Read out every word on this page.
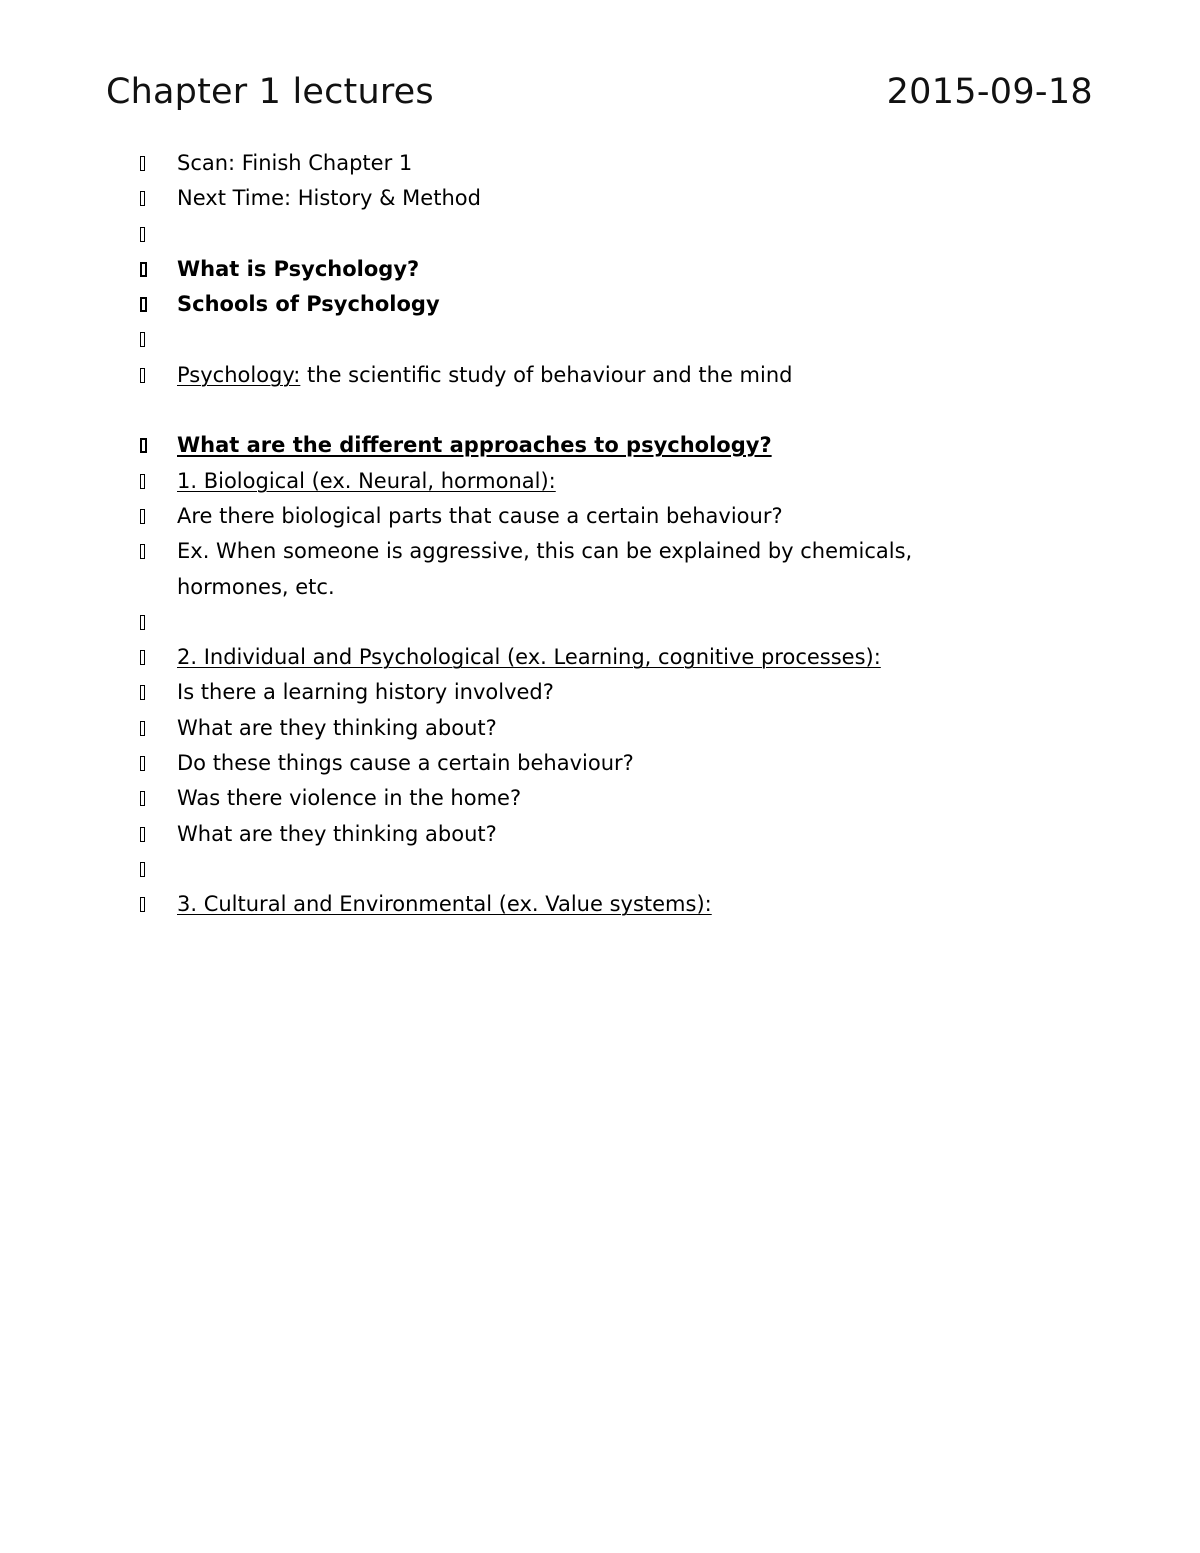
Chapter 1 lectures	2015-09-18
Scan: Finish Chapter 1
Next Time: History & Method
What is Psychology?
Schools of Psychology
Psychology: the scientific study of behaviour and the mind
What are the different approaches to psychology?
1. Biological (ex. Neural, hormonal):
Are there biological parts that cause a certain behaviour?
Ex. When someone is aggressive, this can be explained by chemicals, hormones, etc.
2. Individual and Psychological (ex. Learning, cognitive processes):
Is there a learning history involved?
What are they thinking about?
Do these things cause a certain behaviour?
Was there violence in the home?
What are they thinking about?
3. Cultural and Environmental (ex. Value systems):
